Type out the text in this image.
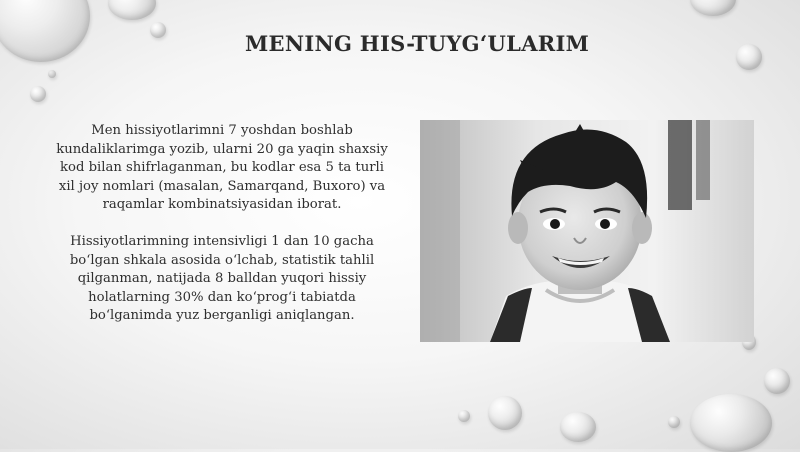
MENING HIS-TUYG‘ULARIM

Men hissiyotlarimni 7 yoshdan boshlab kundaliklarimga yozib, ularni 20 ga yaqin shaxsiy kod bilan shifrlaganman, bu kodlar esa 5 ta turli xil joy nomlari (masalan, Samarqand, Buxoro) va raqamlar kombinatsiyasidan iborat.

Hissiyotlarimning intensivligi 1 dan 10 gacha bo‘lgan shkala asosida o‘lchab, statistik tahlil qilganman, natijada 8 balldan yuqori hissiy holatlarning 30% dan ko‘prog‘i tabiatda bo‘lganimda yuz berganligi aniqlangan.
